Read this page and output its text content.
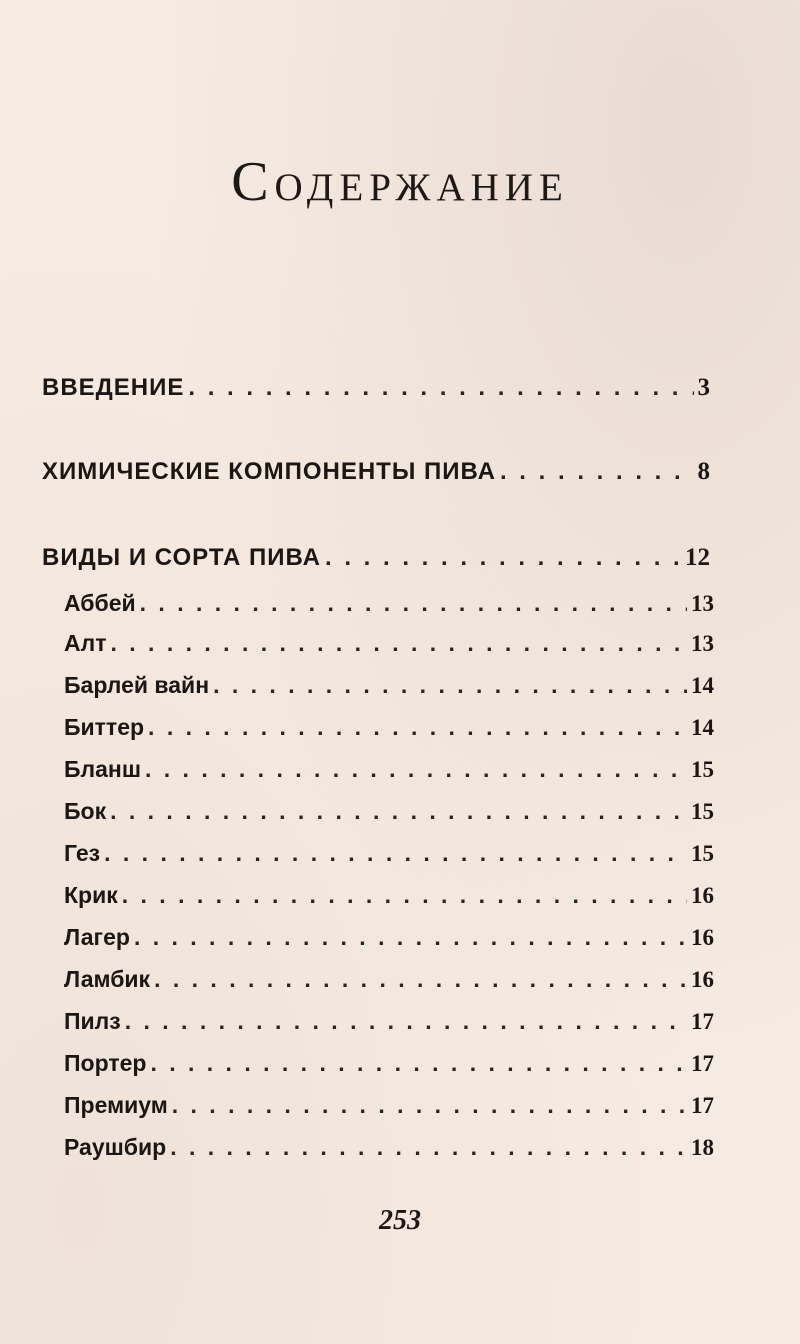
Содержание
ВВЕДЕНИЕ . . .	3
ХИМИЧЕСКИЕ КОМПОНЕНТЫ ПИВА . . .	8
ВИДЫ И СОРТА ПИВА . . .	12
Аббей . . .	13
Алт . . .	13
Барлей вайн . . .	14
Биттер . . .	14
Бланш . . .	15
Бок . . .	15
Гез . . .	15
Крик . . .	16
Лагер . . .	16
Ламбик . . .	16
Пилз . . .	17
Портер . . .	17
Премиум . . .	17
Раушбир . . .	18
253
